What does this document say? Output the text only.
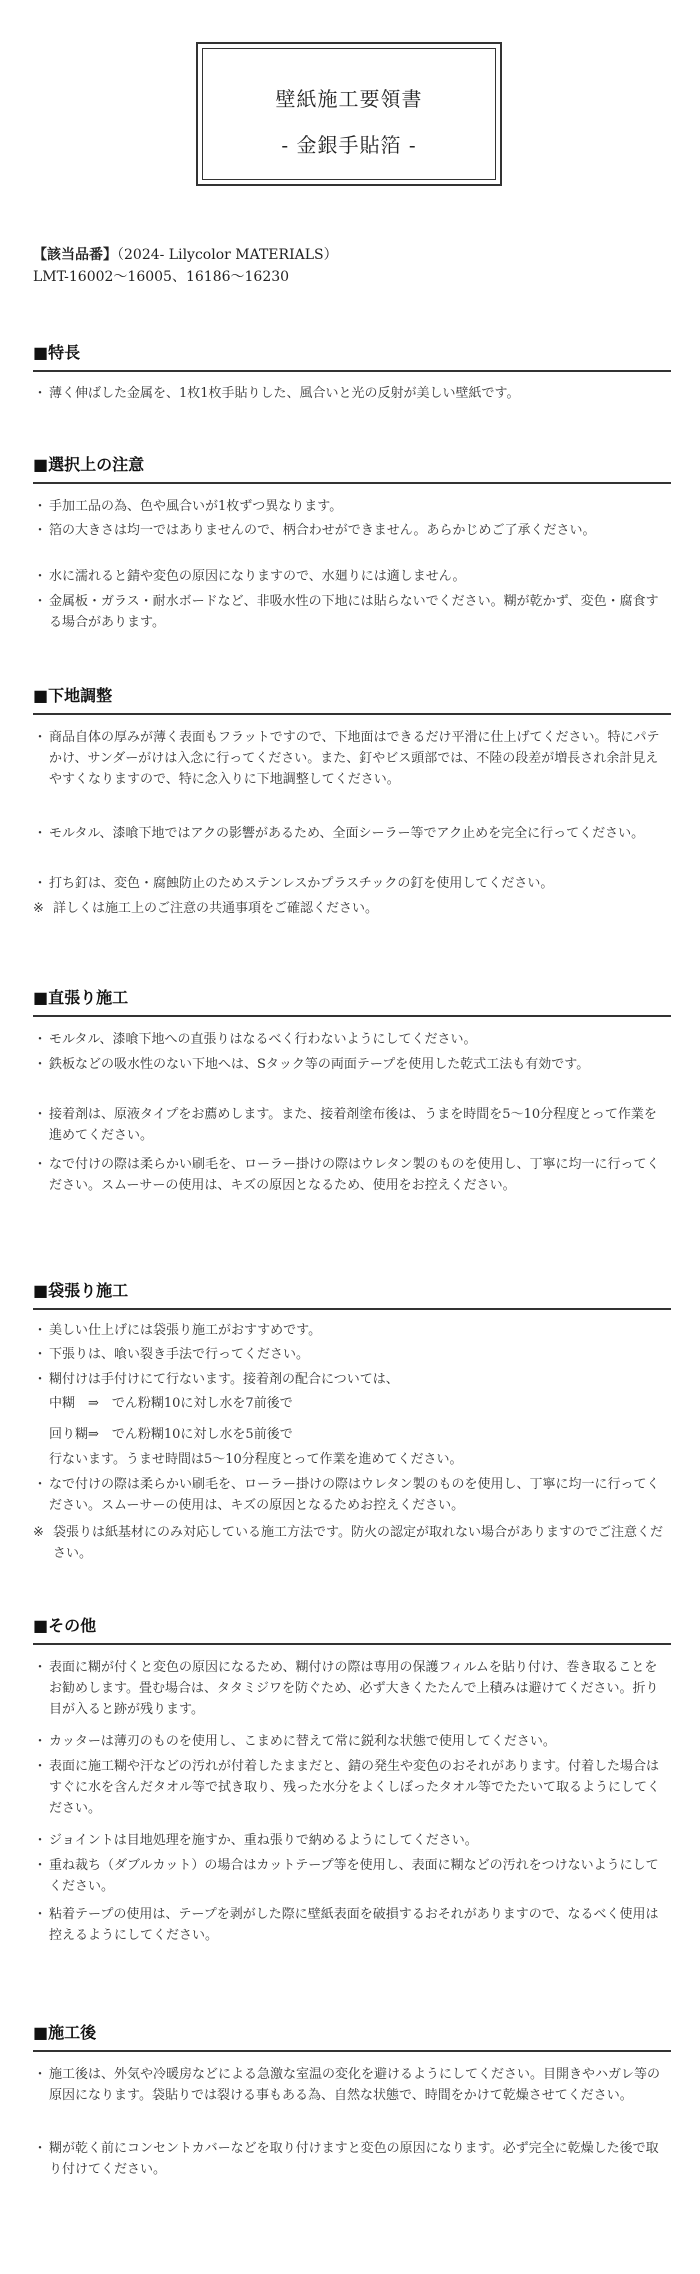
壁紙施工要領書
- 金銀手貼箔 -
【該当品番】（2024- Lilycolor MATERIALS）
LMT-16002～16005、16186～16230
■特長
・ 薄く伸ばした金属を、1枚1枚手貼りした、風合いと光の反射が美しい壁紙です。
■選択上の注意
・ 手加工品の為、色や風合いが1枚ずつ異なります。
・ 箔の大きさは均一ではありませんので、柄合わせができません。あらかじめご了承ください。
・ 水に濡れると錆や変色の原因になりますので、水廻りには適しません。
・ 金属板・ガラス・耐水ボードなど、非吸水性の下地には貼らないでください。糊が乾かず、変色・腐食する場合があります。
■下地調整
・ 商品自体の厚みが薄く表面もフラットですので、下地面はできるだけ平滑に仕上げてください。特にパテかけ、サンダーがけは入念に行ってください。また、釘やビス頭部では、不陸の段差が増長され余計見えやすくなりますので、特に念入りに下地調整してください。
・ モルタル、漆喰下地ではアクの影響があるため、全面シーラー等でアク止めを完全に行ってください。
・ 打ち釘は、変色・腐蝕防止のためステンレスかプラスチックの釘を使用してください。
※ 詳しくは施工上のご注意の共通事項をご確認ください。
■直張り施工
・ モルタル、漆喰下地への直張りはなるべく行わないようにしてください。
・ 鉄板などの吸水性のない下地へは、Sタック等の両面テープを使用した乾式工法も有効です。
・ 接着剤は、原液タイプをお薦めします。また、接着剤塗布後は、うまを時間を5～10分程度とって作業を進めてください。
・ なで付けの際は柔らかい刷毛を、ローラー掛けの際はウレタン製のものを使用し、丁寧に均一に行ってください。スムーサーの使用は、キズの原因となるため、使用をお控えください。
■袋張り施工
・ 美しい仕上げには袋張り施工がおすすめです。
・ 下張りは、喰い裂き手法で行ってください。
・ 糊付けは手付けにて行ないます。接着剤の配合については、
中糊　⇒　でん粉糊10に対し水を7前後で
回り糊⇒　でん粉糊10に対し水を5前後で
行ないます。うませ時間は5～10分程度とって作業を進めてください。
・ なで付けの際は柔らかい刷毛を、ローラー掛けの際はウレタン製のものを使用し、丁寧に均一に行ってください。スムーサーの使用は、キズの原因となるためお控えください。
※ 袋張りは紙基材にのみ対応している施工方法です。防火の認定が取れない場合がありますのでご注意ください。
■その他
・ 表面に糊が付くと変色の原因になるため、糊付けの際は専用の保護フィルムを貼り付け、巻き取ることをお勧めします。畳む場合は、タタミジワを防ぐため、必ず大きくたたんで上積みは避けてください。折り目が入ると跡が残ります。
・ カッターは薄刃のものを使用し、こまめに替えて常に鋭利な状態で使用してください。
・ 表面に施工糊や汗などの汚れが付着したままだと、錆の発生や変色のおそれがあります。付着した場合はすぐに水を含んだタオル等で拭き取り、残った水分をよくしぼったタオル等でたたいて取るようにしてください。
・ ジョイントは目地処理を施すか、重ね張りで納めるようにしてください。
・ 重ね裁ち（ダブルカット）の場合はカットテープ等を使用し、表面に糊などの汚れをつけないようにしてください。
・ 粘着テープの使用は、テープを剥がした際に壁紙表面を破損するおそれがありますので、なるべく使用は控えるようにしてください。
■施工後
・ 施工後は、外気や冷暖房などによる急激な室温の変化を避けるようにしてください。目開きやハガレ等の原因になります。袋貼りでは裂ける事もある為、自然な状態で、時間をかけて乾燥させてください。
・ 糊が乾く前にコンセントカバーなどを取り付けますと変色の原因になります。必ず完全に乾燥した後で取り付けてください。
